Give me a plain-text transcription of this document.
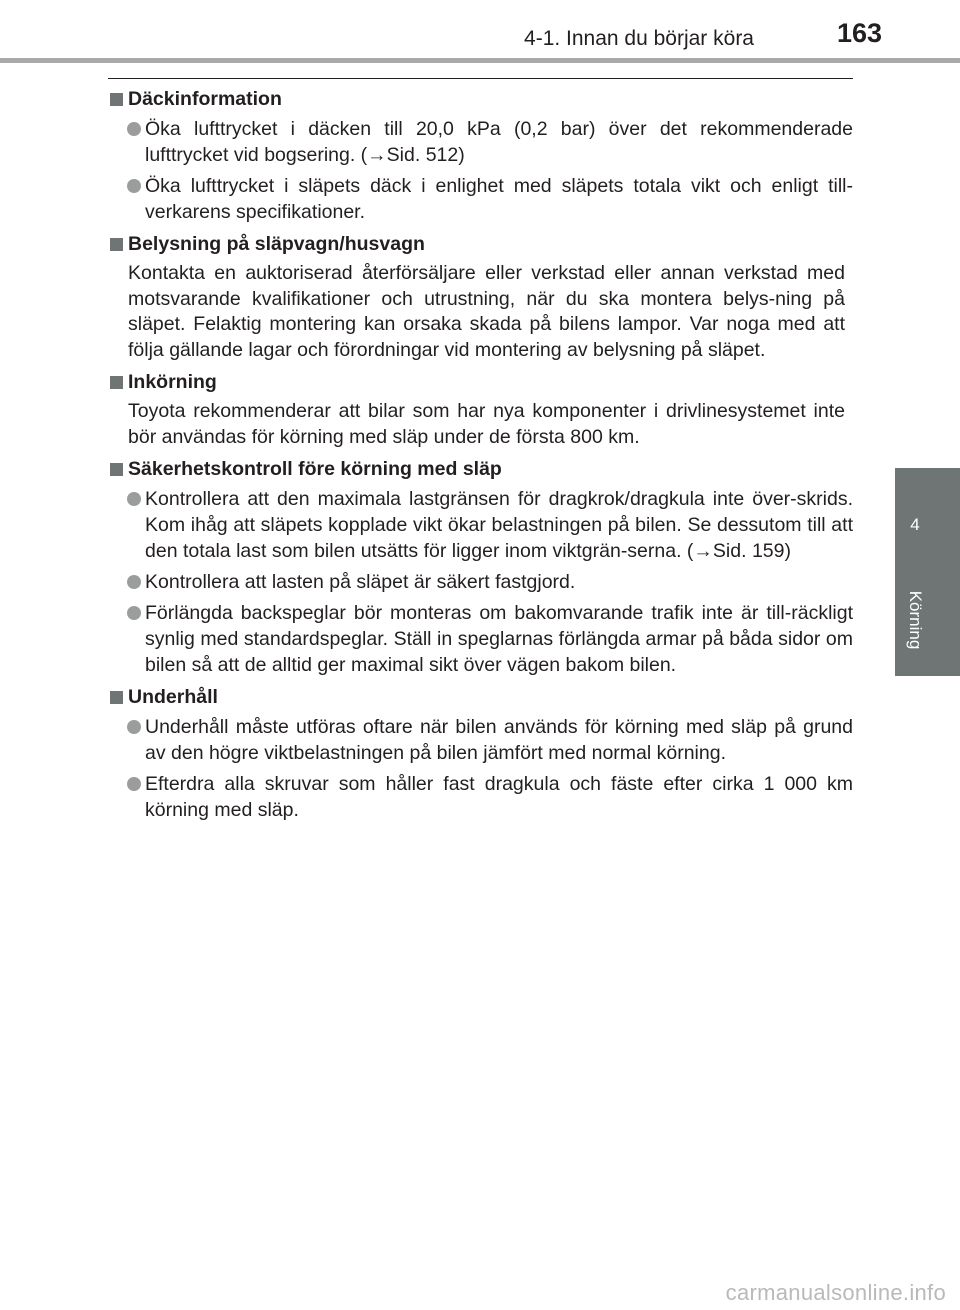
4-1. Innan du börjar köra	163
4
Körning
Däckinformation
Öka lufttrycket i däcken till 20,0 kPa (0,2 bar) över det rekommenderade lufttrycket vid bogsering. (→Sid. 512)
Öka lufttrycket i släpets däck i enlighet med släpets totala vikt och enligt till-verkarens specifikationer.
Belysning på släpvagn/husvagn
Kontakta en auktoriserad återförsäljare eller verkstad eller annan verkstad med motsvarande kvalifikationer och utrustning, när du ska montera belys-ning på släpet. Felaktig montering kan orsaka skada på bilens lampor. Var noga med att följa gällande lagar och förordningar vid montering av belysning på släpet.
Inkörning
Toyota rekommenderar att bilar som har nya komponenter i drivlinesystemet inte bör användas för körning med släp under de första 800 km.
Säkerhetskontroll före körning med släp
Kontrollera att den maximala lastgränsen för dragkrok/dragkula inte över-skrids. Kom ihåg att släpets kopplade vikt ökar belastningen på bilen. Se dessutom till att den totala last som bilen utsätts för ligger inom viktgrän-serna. (→Sid. 159)
Kontrollera att lasten på släpet är säkert fastgjord.
Förlängda backspeglar bör monteras om bakomvarande trafik inte är till-räckligt synlig med standardspeglar. Ställ in speglarnas förlängda armar på båda sidor om bilen så att de alltid ger maximal sikt över vägen bakom bilen.
Underhåll
Underhåll måste utföras oftare när bilen används för körning med släp på grund av den högre viktbelastningen på bilen jämfört med normal körning.
Efterdra alla skruvar som håller fast dragkula och fäste efter cirka 1 000 km körning med släp.
carmanualsonline.info
